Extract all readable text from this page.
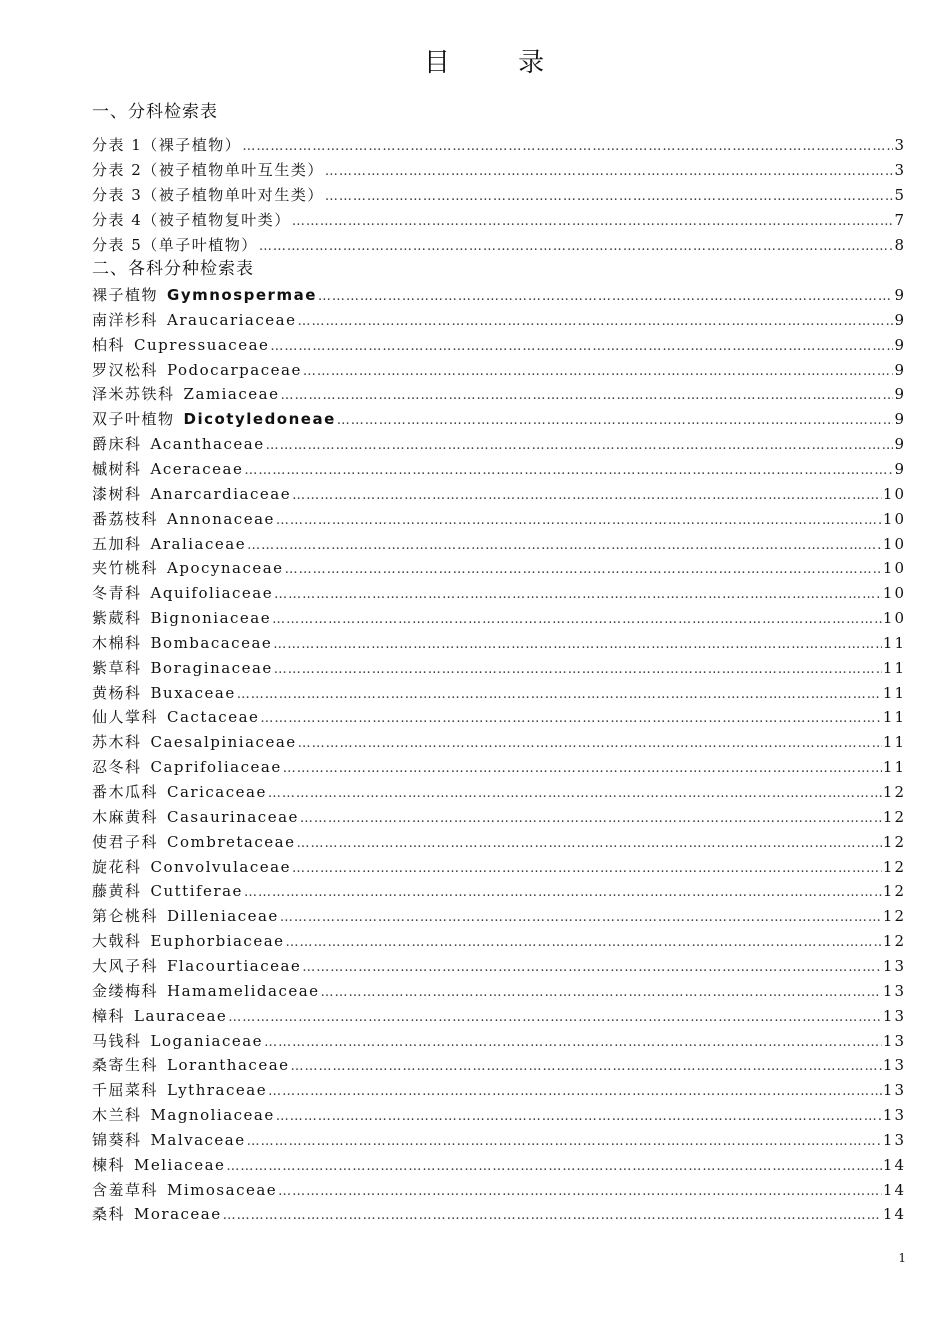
目 录
一、分科检索表
分表 1（裸子植物） …………………………………………………………………………………………………………………………………………………………………………………	3
分表 2（被子植物单叶互生类） …………………………………………………………………………………………………………………………………………………………………………………	3
分表 3（被子植物单叶对生类） …………………………………………………………………………………………………………………………………………………………………………………	5
分表 4（被子植物复叶类） …………………………………………………………………………………………………………………………………………………………………………………	7
分表 5（单子叶植物） …………………………………………………………………………………………………………………………………………………………………………………	8
二、各科分种检索表
裸子植物  Gymnospermae …………………………………………………………………………………………………………………………………………………………………………………	9
南洋杉科  Araucariaceae …………………………………………………………………………………………………………………………………………………………………………………	9
柏科  Cupressuaceae …………………………………………………………………………………………………………………………………………………………………………………	9
罗汉松科  Podocarpaceae …………………………………………………………………………………………………………………………………………………………………………………	9
泽米苏铁科  Zamiaceae …………………………………………………………………………………………………………………………………………………………………………………	9
双子叶植物  Dicotyledoneae …………………………………………………………………………………………………………………………………………………………………………………	9
爵床科  Acanthaceae …………………………………………………………………………………………………………………………………………………………………………………	9
槭树科  Aceraceae …………………………………………………………………………………………………………………………………………………………………………………	9
漆树科  Anarcardiaceae …………………………………………………………………………………………………………………………………………………………………………………	10
番荔枝科  Annonaceae …………………………………………………………………………………………………………………………………………………………………………………	10
五加科  Araliaceae …………………………………………………………………………………………………………………………………………………………………………………	10
夹竹桃科  Apocynaceae …………………………………………………………………………………………………………………………………………………………………………………	10
冬青科  Aquifoliaceae …………………………………………………………………………………………………………………………………………………………………………………	10
紫葳科  Bignoniaceae …………………………………………………………………………………………………………………………………………………………………………………	10
木棉科  Bombacaceae …………………………………………………………………………………………………………………………………………………………………………………	11
紫草科  Boraginaceae …………………………………………………………………………………………………………………………………………………………………………………	11
黄杨科  Buxaceae …………………………………………………………………………………………………………………………………………………………………………………	11
仙人掌科  Cactaceae …………………………………………………………………………………………………………………………………………………………………………………	11
苏木科  Caesalpiniaceae …………………………………………………………………………………………………………………………………………………………………………………	11
忍冬科  Caprifoliaceae …………………………………………………………………………………………………………………………………………………………………………………	11
番木瓜科  Caricaceae …………………………………………………………………………………………………………………………………………………………………………………	12
木麻黄科  Casaurinaceae …………………………………………………………………………………………………………………………………………………………………………………	12
使君子科  Combretaceae …………………………………………………………………………………………………………………………………………………………………………………	12
旋花科  Convolvulaceae …………………………………………………………………………………………………………………………………………………………………………………	12
藤黄科  Cuttiferae …………………………………………………………………………………………………………………………………………………………………………………	12
第仑桃科  Dilleniaceae …………………………………………………………………………………………………………………………………………………………………………………	12
大戟科  Euphorbiaceae …………………………………………………………………………………………………………………………………………………………………………………	12
大风子科  Flacourtiaceae …………………………………………………………………………………………………………………………………………………………………………………	13
金缕梅科  Hamamelidaceae …………………………………………………………………………………………………………………………………………………………………………………	13
樟科  Lauraceae …………………………………………………………………………………………………………………………………………………………………………………	13
马钱科  Loganiaceae …………………………………………………………………………………………………………………………………………………………………………………	13
桑寄生科  Loranthaceae …………………………………………………………………………………………………………………………………………………………………………………	13
千屈菜科  Lythraceae …………………………………………………………………………………………………………………………………………………………………………………	13
木兰科  Magnoliaceae …………………………………………………………………………………………………………………………………………………………………………………	13
锦葵科  Malvaceae …………………………………………………………………………………………………………………………………………………………………………………	13
楝科  Meliaceae …………………………………………………………………………………………………………………………………………………………………………………	14
含羞草科  Mimosaceae …………………………………………………………………………………………………………………………………………………………………………………	14
桑科  Moraceae …………………………………………………………………………………………………………………………………………………………………………………	14
1
